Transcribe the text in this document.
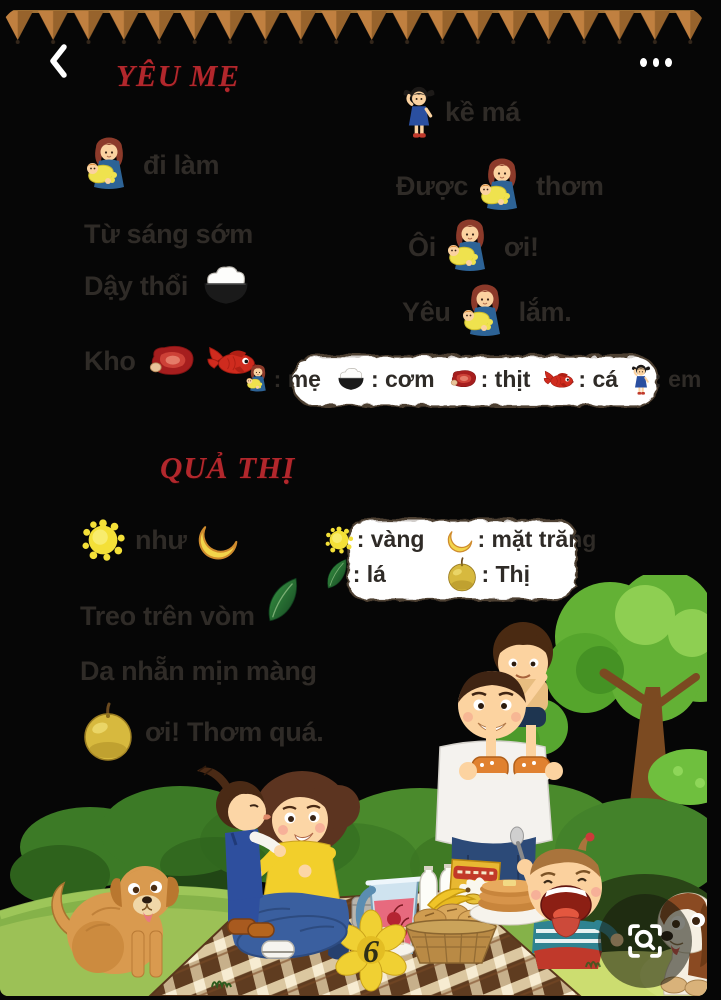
YÊU MẸ
đi làm
Từ sáng sớm
Dậy thổi
Kho
kề má
Được	thơm
Ôi	ơi!
Yêu	lắm.
: mẹ : cơm : thịt : cá : em
QUẢ THỊ
như
Treo trên vòm
Da nhẵn mịn màng
ơi! Thơm quá.
: vàng : mặt trăng
: lá	: Thị
6
